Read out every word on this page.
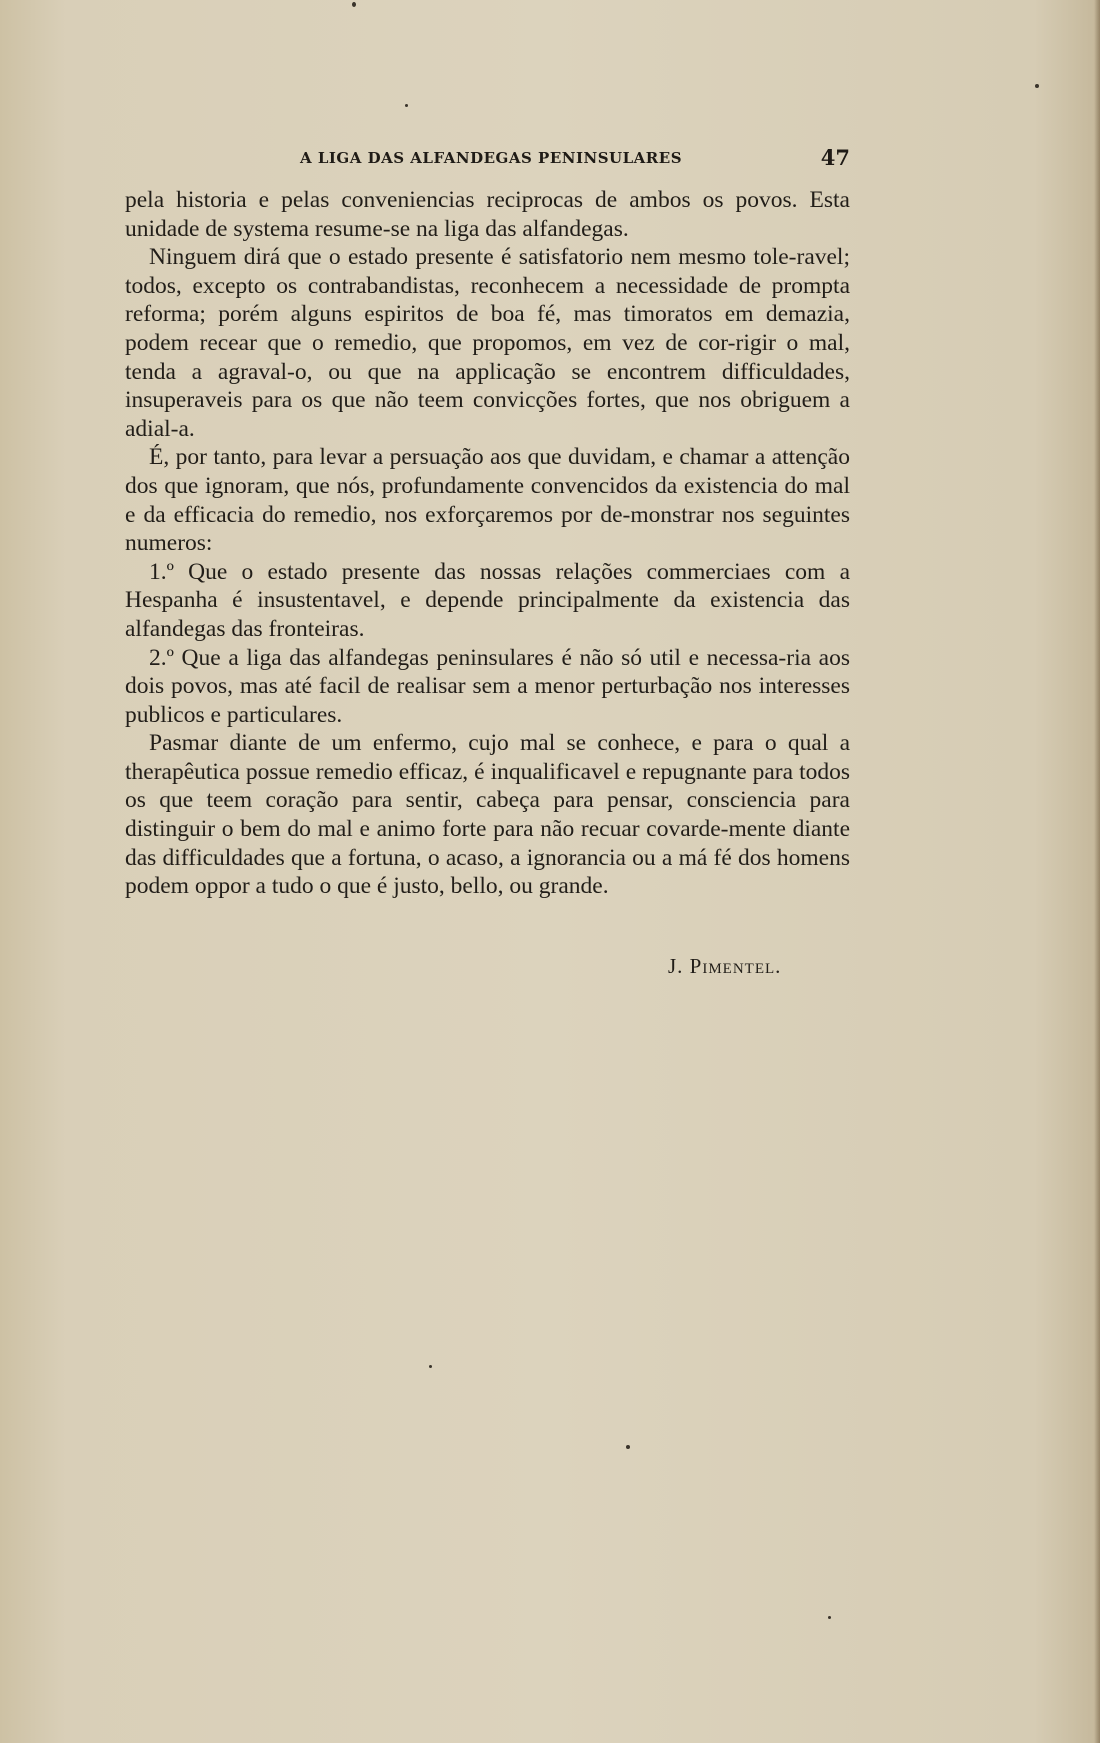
A LIGA DAS ALFANDEGAS PENINSULARES	47

pela historia e pelas conveniencias reciprocas de ambos os povos. Esta unidade de systema resume-se na liga das alfandegas.

Ninguem dirá que o estado presente é satisfatorio nem mesmo tole-ravel; todos, excepto os contrabandistas, reconhecem a necessidade de prompta reforma; porém alguns espiritos de boa fé, mas timoratos em demazia, podem recear que o remedio, que propomos, em vez de cor-rigir o mal, tenda a agraval-o, ou que na applicação se encontrem difficuldades, insuperaveis para os que não teem convicções fortes, que nos obriguem a adial-a.

É, por tanto, para levar a persuação aos que duvidam, e chamar a attenção dos que ignoram, que nós, profundamente convencidos da existencia do mal e da efficacia do remedio, nos exforçaremos por de-monstrar nos seguintes numeros:

1.º Que o estado presente das nossas relações commerciaes com a Hespanha é insustentavel, e depende principalmente da existencia das alfandegas das fronteiras.

2.º Que a liga das alfandegas peninsulares é não só util e necessa-ria aos dois povos, mas até facil de realisar sem a menor perturbação nos interesses publicos e particulares.

Pasmar diante de um enfermo, cujo mal se conhece, e para o qual a therapêutica possue remedio efficaz, é inqualificavel e repugnante para todos os que teem coração para sentir, cabeça para pensar, consciencia para distinguir o bem do mal e animo forte para não recuar covarde-mente diante das difficuldades que a fortuna, o acaso, a ignorancia ou a má fé dos homens podem oppor a tudo o que é justo, bello, ou grande.

J. Pimentel.
